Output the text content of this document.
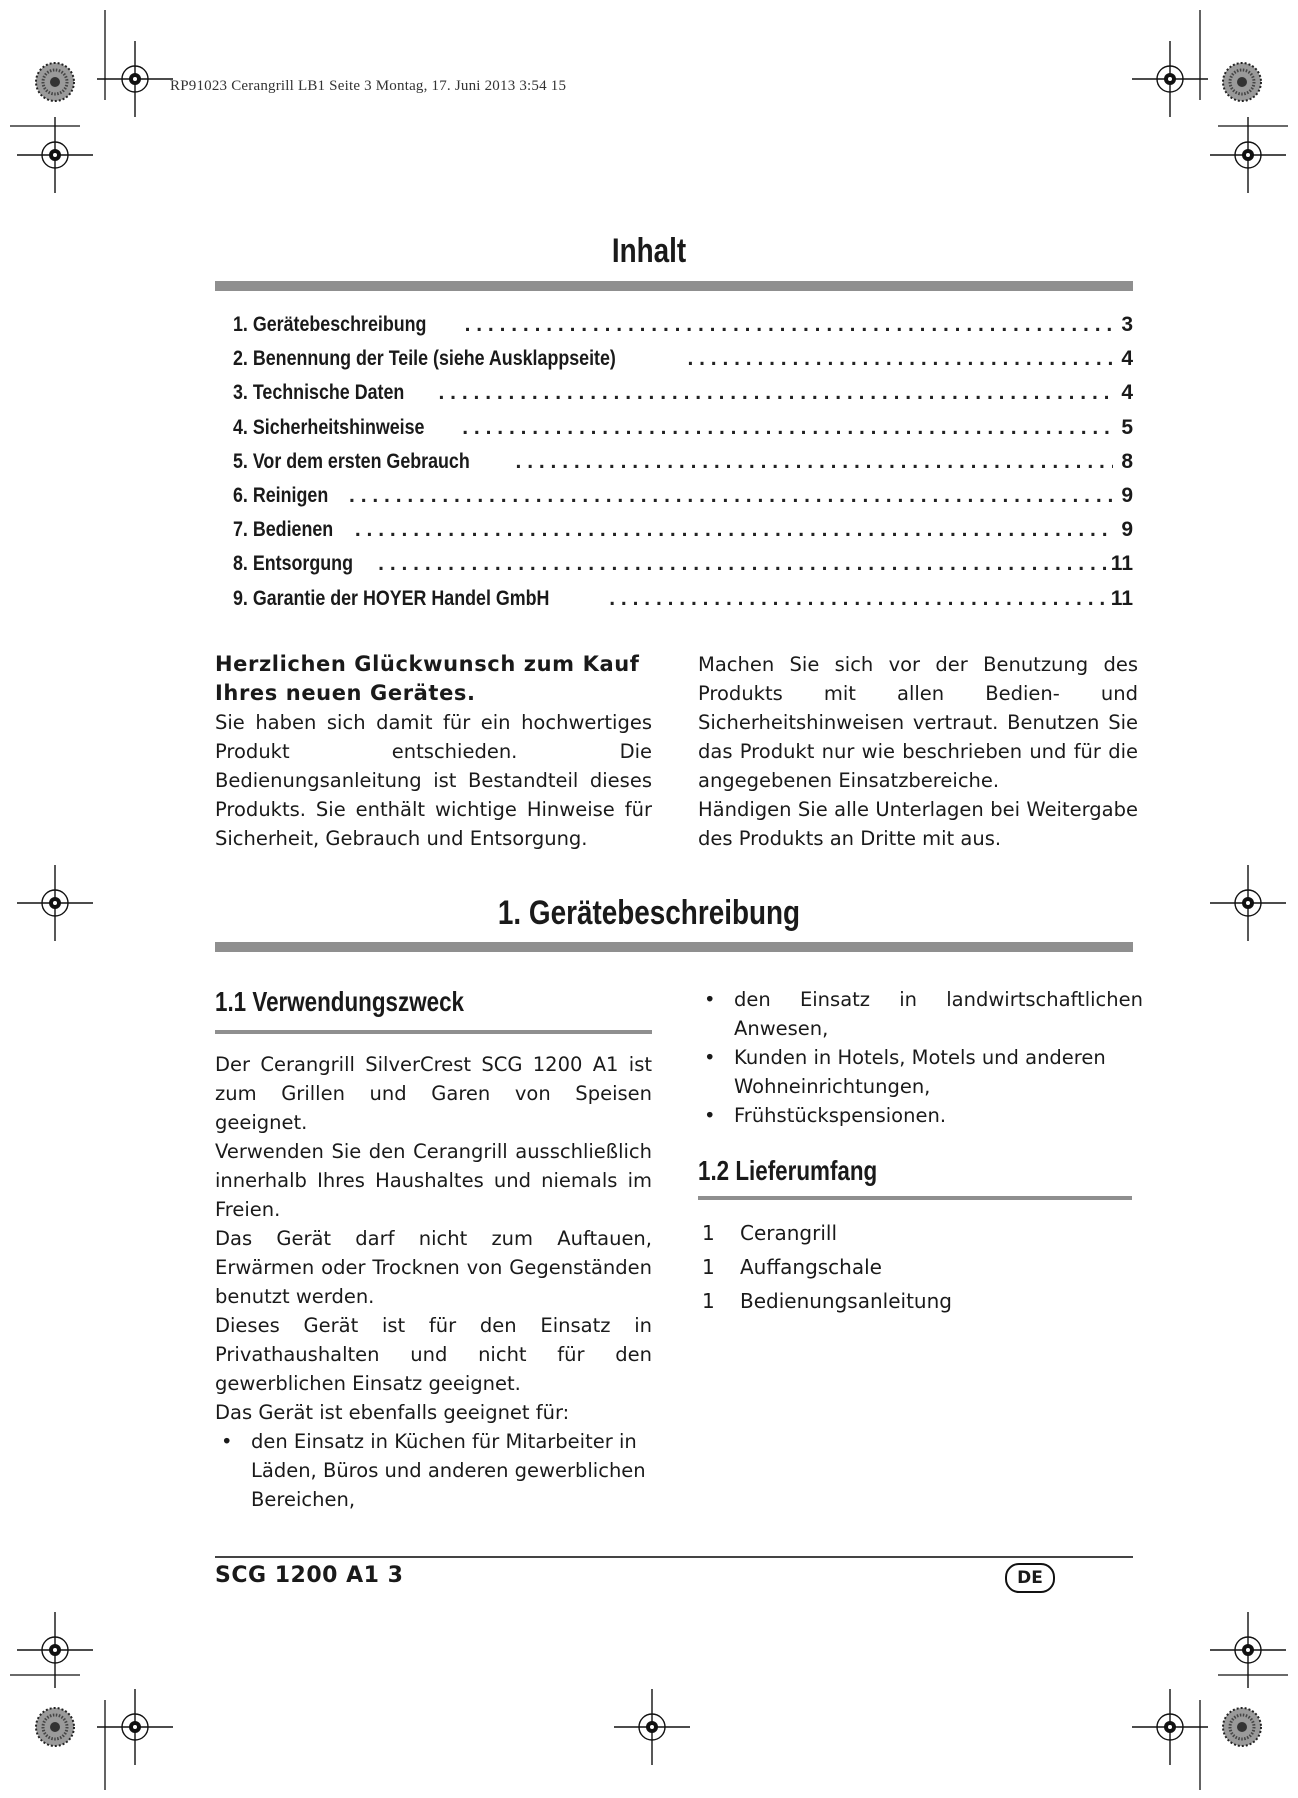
RP91023 Cerangrill LB1 Seite 3 Montag, 17. Juni 2013 3:54 15
Inhalt
1. Gerätebeschreibung . . .	3
2. Benennung der Teile (siehe Ausklappseite) . . .	4
3. Technische Daten . . .	4
4. Sicherheitshinweise . . .	5
5. Vor dem ersten Gebrauch . . .	8
6. Reinigen . . .	9
7. Bedienen . . .	9
8. Entsorgung . . .	11
9. Garantie der HOYER Handel GmbH . . .	11
Herzlichen Glückwunsch zum Kauf Ihres neuen Gerätes.

Sie haben sich damit für ein hochwertiges Produkt entschieden. Die Bedienungsanleitung ist Bestandteil dieses Produkts. Sie enthält wichtige Hinweise für Sicherheit, Gebrauch und Entsorgung.

Machen Sie sich vor der Benutzung des Produkts mit allen Bedien- und Sicherheitshinweisen vertraut. Benutzen Sie das Produkt nur wie beschrieben und für die angegebenen Einsatzbereiche.

Händigen Sie alle Unterlagen bei Weitergabe des Produkts an Dritte mit aus.

1. Gerätebeschreibung
1.1 Verwendungszweck

Der Cerangrill SilverCrest SCG 1200 A1 ist zum Grillen und Garen von Speisen geeignet.

Verwenden Sie den Cerangrill ausschließlich innerhalb Ihres Haushaltes und niemals im Freien.

Das Gerät darf nicht zum Auftauen, Erwärmen oder Trocknen von Gegenständen benutzt werden.

Dieses Gerät ist für den Einsatz in Privathaushalten und nicht für den gewerblichen Einsatz geeignet.

Das Gerät ist ebenfalls geeignet für:

• den Einsatz in Küchen für Mitarbeiter in Läden, Büros und anderen gewerblichen Bereichen,
• den Einsatz in landwirtschaftlichen Anwesen,
• Kunden in Hotels, Motels und anderen Wohneinrichtungen,
• Frühstückspensionen.
1.2 Lieferumfang
1	Cerangrill
1	Auffangschale
1	Bedienungsanleitung
SCG 1200 A1 3	DE
